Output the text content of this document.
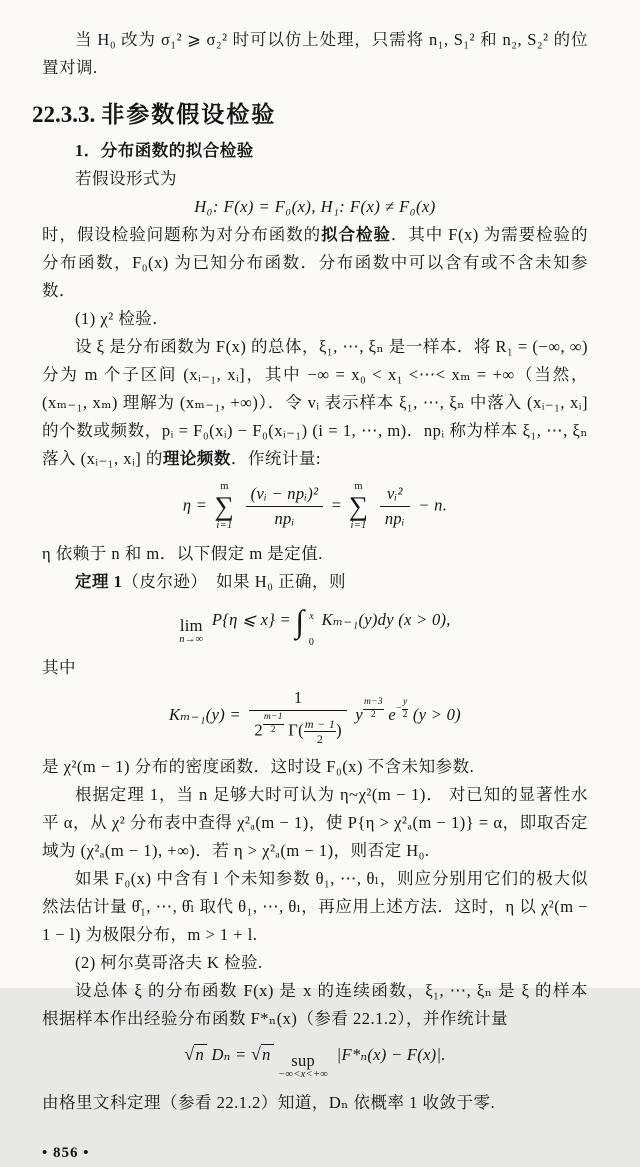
当 H₀ 改为 σ₁² ⩾ σ₂² 时可以仿上处理，只需将 n₁, S₁² 和 n₂, S₂² 的位置对调.

22.3.3. 非参数假设检验

1．分布函数的拟合检验

若假设形式为

H₀: F(x) = F₀(x), H₁: F(x) ≠ F₀(x)

时，假设检验问题称为对分布函数的拟合检验．其中 F(x) 为需要检验的分布函数，F₀(x) 为已知分布函数．分布函数中可以含有或不含未知参数．

(1) χ² 检验．

设 ξ 是分布函数为 F(x) 的总体，ξ₁, ⋯, ξₙ 是一样本．将 R₁ = (−∞, ∞) 分为 m 个子区间 (xᵢ₋₁, xᵢ]，其中 −∞ = x₀ < x₁ <⋯< xₘ = +∞（当然，(xₘ₋₁, xₘ) 理解为 (xₘ₋₁, +∞)）．令 vᵢ 表示样本 ξ₁, ⋯, ξₙ 中落入 (xᵢ₋₁, xᵢ] 的个数或频数，pᵢ = F₀(xᵢ) − F₀(xᵢ₋₁) (i = 1, ⋯, m)．npᵢ 称为样本 ξ₁, ⋯, ξₙ 落入 (xᵢ₋₁, xᵢ] 的理论频数．作统计量:

η =
m
∑
i=1
$\frac{\text{(vᵢ − npᵢ)²}}{\text{npᵢ}}$ =
m
∑
i=1
$\frac{\text{vᵢ²}}{\text{npᵢ}} - n$.

η 依赖于 n 和 m．以下假定 m 是定值.

定理 1（皮尔逊）　如果 H₀ 正确，则

lim
n→∞
P{η ⩽ x} = ∫ x
0
Kₘ₋₁(y)dy (x > 0),

其中

Kₘ₋₁(y) = 1
2 $^{\frac{m-1}{2}}$ $\Gamma( \frac{m - 1}{2}$ ) y $^{\frac{m-3}{2}}$ $e^{- \frac{y}{2}}$ (y > 0)

是 χ²(m − 1) 分布的密度函数．这时设 F₀(x) 不含未知参数.

根据定理 1，当 n 足够大时可认为 η~χ²(m − 1)． 对已知的显著性水平 α，从 χ² 分布表中查得 χ²ₐ(m − 1)，使 P{η > χ²ₐ(m − 1)} = α，即取否定域为 (χ²ₐ(m − 1), +∞)．若 η > χ²ₐ(m − 1)，则否定 H₀.

如果 F₀(x) 中含有 l 个未知参数 θ₁, ⋯, θₗ，则应分别用它们的极大似然法估计量 θ̂₁, ⋯, θ̂ₗ 取代 θ₁, ⋯, θₗ，再应用上述方法．这时，η 以 χ²(m − 1 − l) 为极限分布，m > 1 + l.

(2) 柯尔莫哥洛夫 K 检验.

设总体 ξ 的分布函数 F(x) 是 x 的连续函数，ξ₁, ⋯, ξₙ 是 ξ 的样本　根据样本作出经验分布函数 F*ₙ(x)（参看 22.1.2），并作统计量

√n Dₙ = √n sup
−∞<x<+∞
|F*ₙ(x) − F(x)|.

由格里文科定理（参看 22.1.2）知道，Dₙ 依概率 1 收敛于零.

• 856 •
